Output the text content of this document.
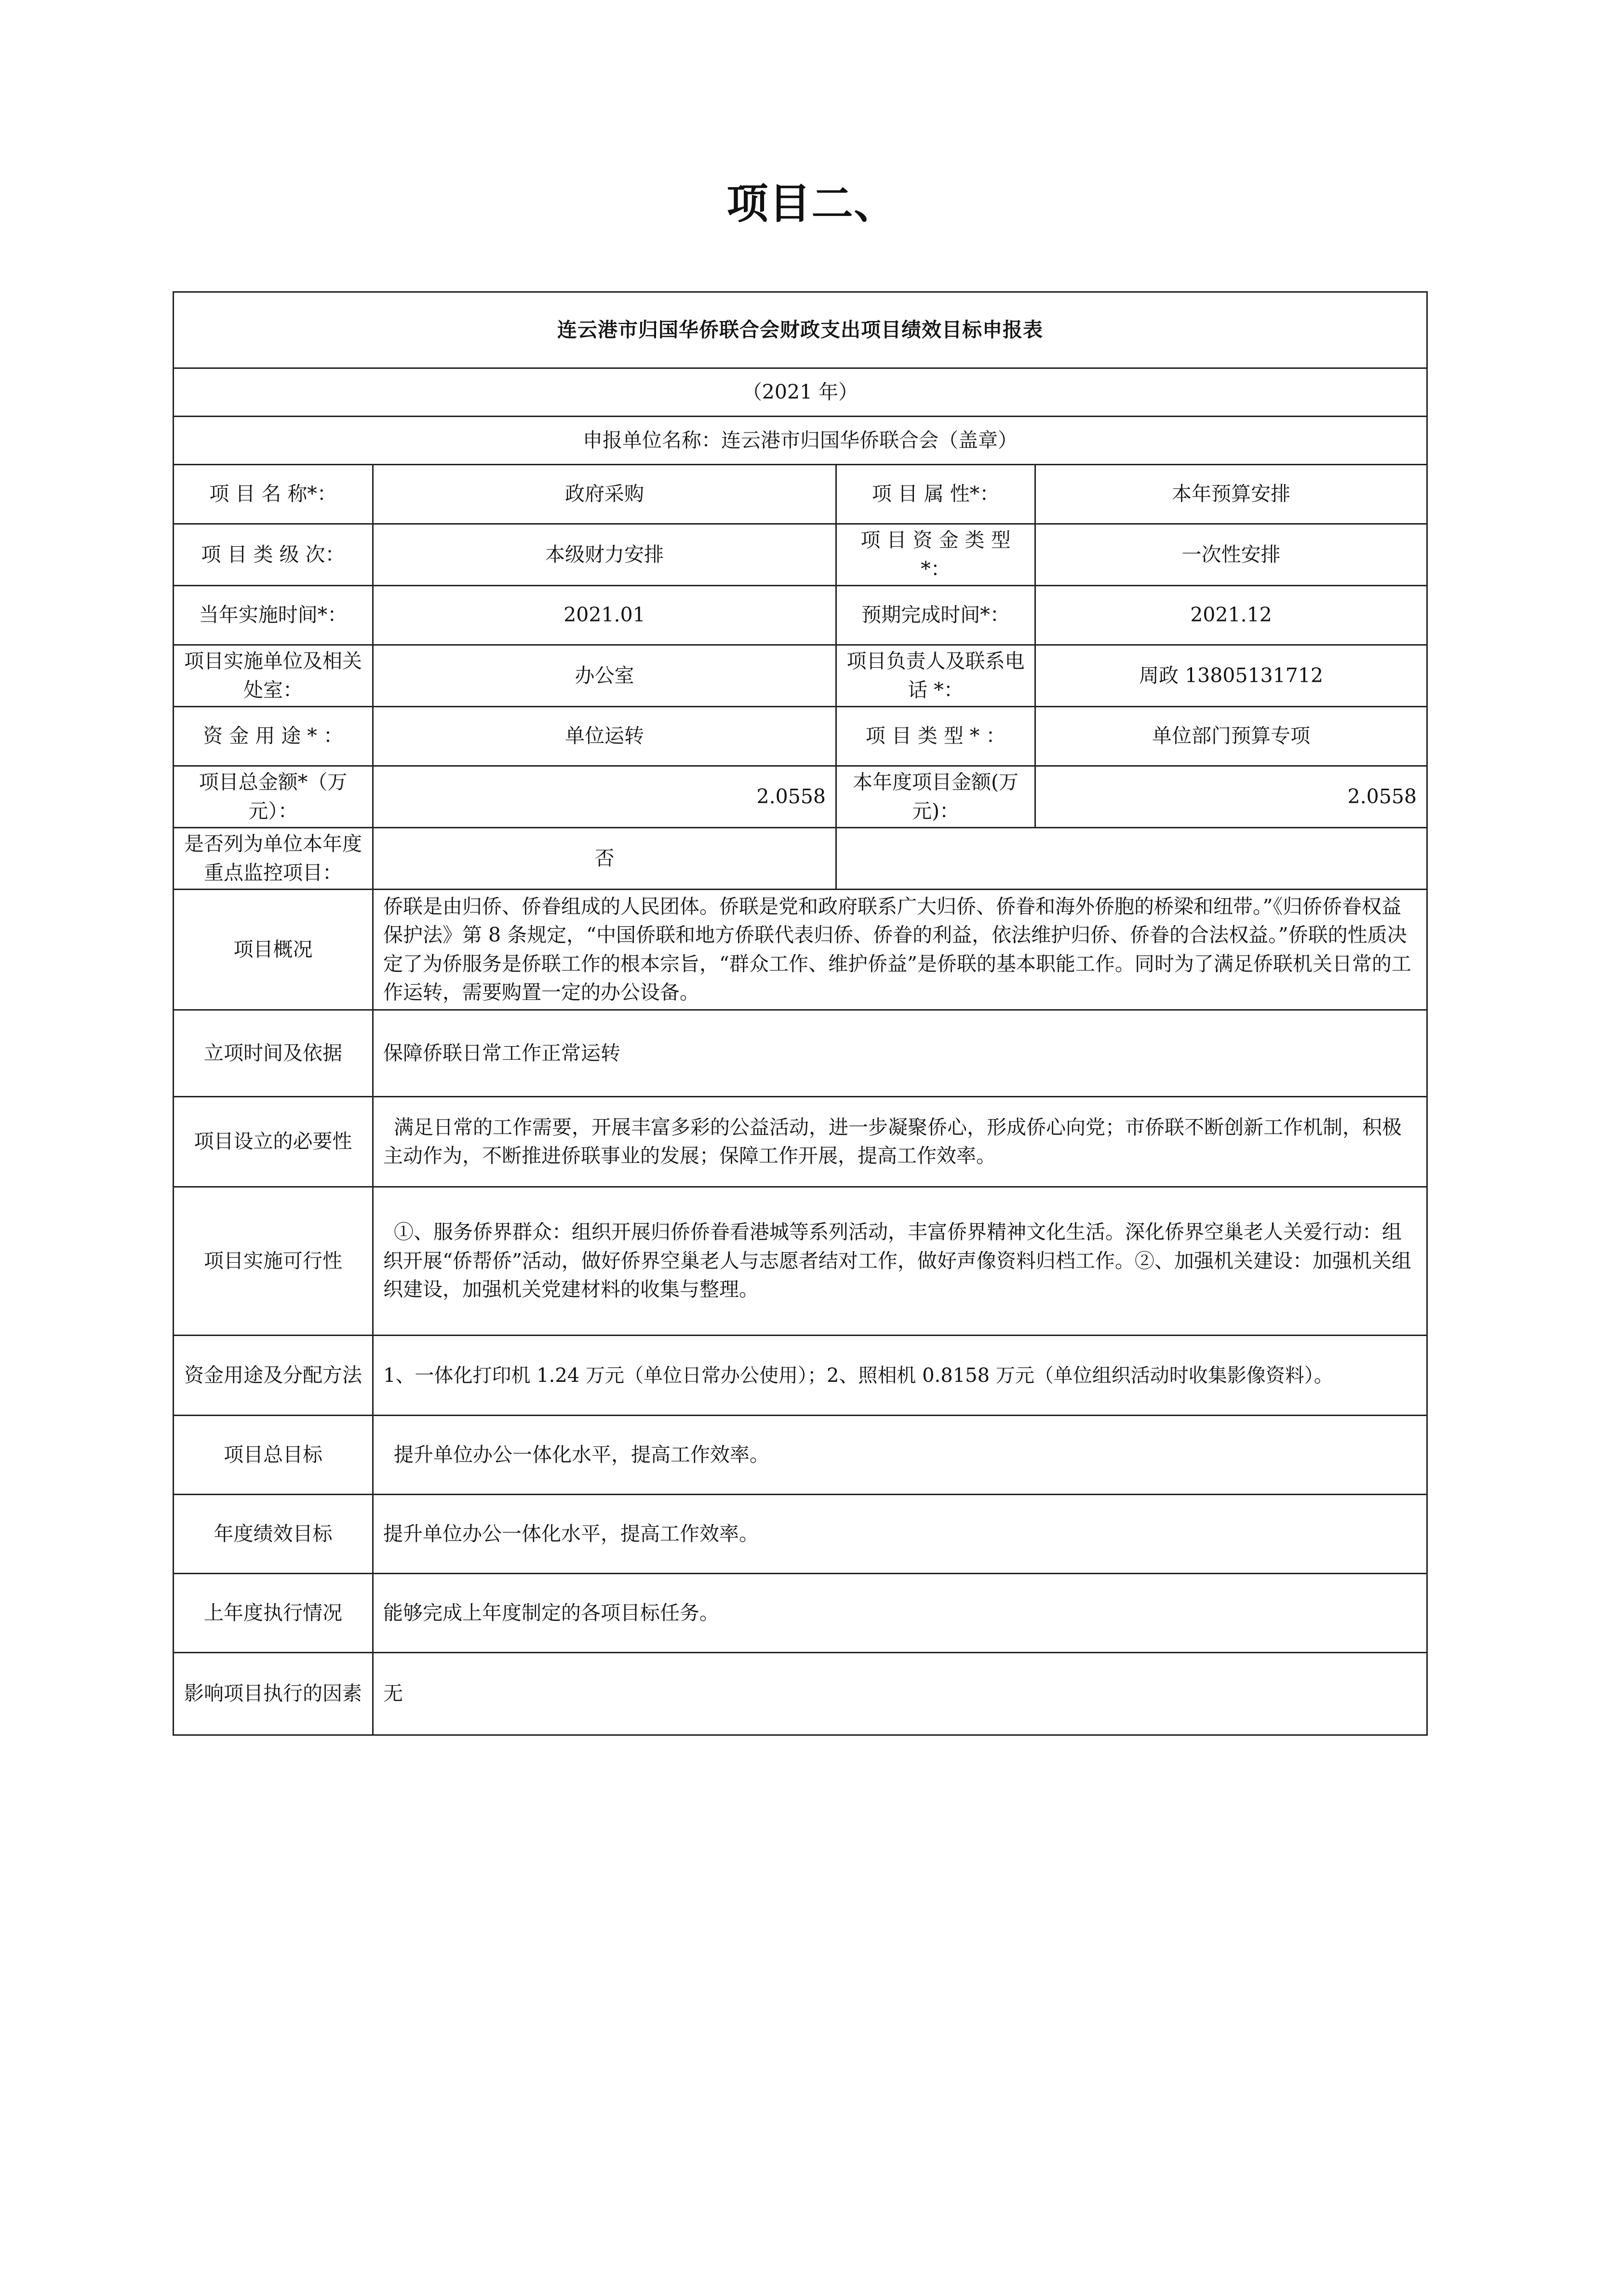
项目二、
连云港市归国华侨联合会财政支出项目绩效目标申报表			
（2021 年）			
申报单位名称：连云港市归国华侨联合会（盖章）			
项 目 名 称*：	政府采购	项 目 属 性*：	本年预算安排
项 目 类 级 次：	本级财力安排	项 目 资 金 类 型*：	一次性安排
当年实施时间*：	2021.01	预期完成时间*：	2021.12
项目实施单位及相关处室：	办公室	项目负责人及联系电话 *：	周政 13805131712
资 金 用 途 * ：	单位运转	项 目 类 型 * ：	单位部门预算专项
项目总金额*（万元）：	2.0558	本年度项目金额(万元)：	2.0558
是否列为单位本年度重点监控项目：	否		
项目概况	侨联是由归侨、侨眷组成的人民团体。侨联是党和政府联系广大归侨、侨眷和海外侨胞的桥梁和纽带。”《归侨侨眷权益保护法》第 8 条规定，“中国侨联和地方侨联代表归侨、侨眷的利益，依法维护归侨、侨眷的合法权益。”侨联的性质决定了为侨服务是侨联工作的根本宗旨，“群众工作、维护侨益”是侨联的基本职能工作。同时为了满足侨联机关日常的工作运转，需要购置一定的办公设备。		
立项时间及依据	保障侨联日常工作正常运转		
项目设立的必要性	满足日常的工作需要，开展丰富多彩的公益活动，进一步凝聚侨心，形成侨心向党；市侨联不断创新工作机制，积极主动作为，不断推进侨联事业的发展；保障工作开展，提高工作效率。		
项目实施可行性	①、服务侨界群众：组织开展归侨侨眷看港城等系列活动，丰富侨界精神文化生活。深化侨界空巢老人关爱行动：组织开展“侨帮侨”活动，做好侨界空巢老人与志愿者结对工作，做好声像资料归档工作。②、加强机关建设：加强机关组织建设，加强机关党建材料的收集与整理。		
资金用途及分配方法	1、一体化打印机 1.24 万元（单位日常办公使用）；2、照相机 0.8158 万元（单位组织活动时收集影像资料）。		
项目总目标	提升单位办公一体化水平，提高工作效率。		
年度绩效目标	提升单位办公一体化水平，提高工作效率。		
上年度执行情况	能够完成上年度制定的各项目标任务。		
影响项目执行的因素	无		
